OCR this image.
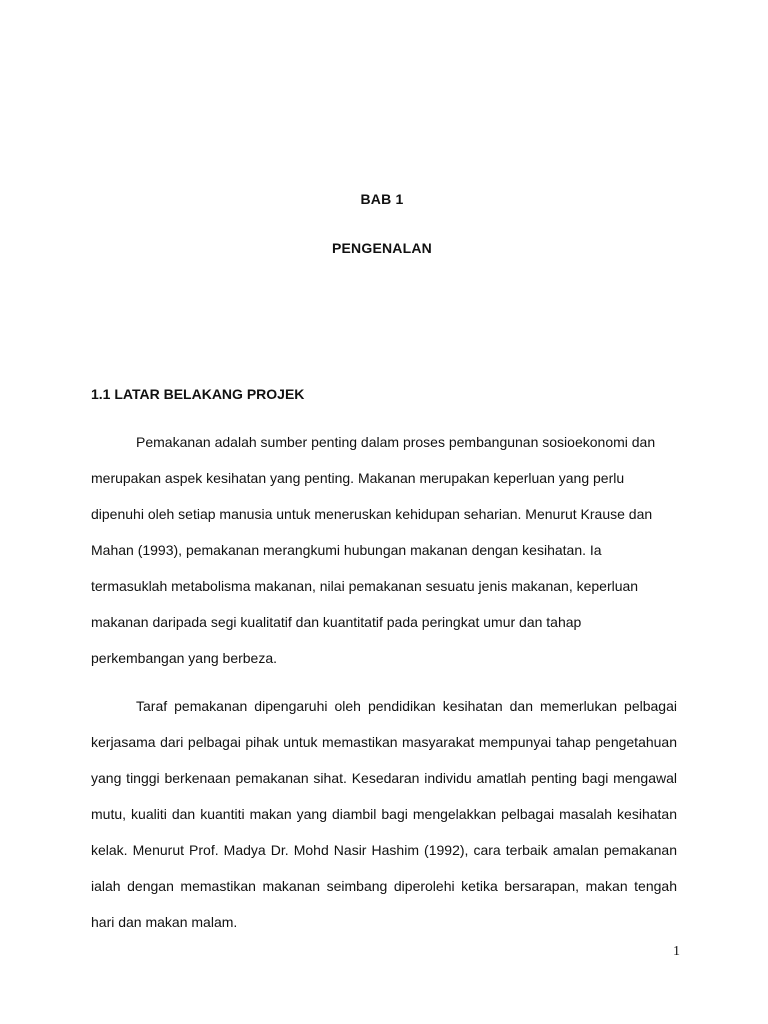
BAB 1
PENGENALAN
1.1 LATAR BELAKANG PROJEK

Pemakanan adalah sumber penting dalam proses pembangunan sosioekonomi dan merupakan aspek kesihatan yang penting. Makanan merupakan keperluan yang perlu dipenuhi oleh setiap manusia untuk meneruskan kehidupan seharian. Menurut Krause dan Mahan (1993), pemakanan merangkumi hubungan makanan dengan kesihatan. Ia termasuklah metabolisma makanan, nilai pemakanan sesuatu jenis makanan, keperluan makanan daripada segi kualitatif dan kuantitatif pada peringkat umur dan tahap perkembangan yang berbeza.

Taraf pemakanan dipengaruhi oleh pendidikan kesihatan dan memerlukan pelbagai kerjasama dari pelbagai pihak untuk memastikan masyarakat mempunyai tahap pengetahuan yang tinggi berkenaan pemakanan sihat. Kesedaran individu amatlah penting bagi mengawal mutu, kualiti dan kuantiti makan yang diambil bagi mengelakkan pelbagai masalah kesihatan kelak. Menurut Prof. Madya Dr. Mohd Nasir Hashim (1992), cara terbaik amalan pemakanan ialah dengan memastikan makanan seimbang diperolehi ketika bersarapan, makan tengah hari dan makan malam.

1
